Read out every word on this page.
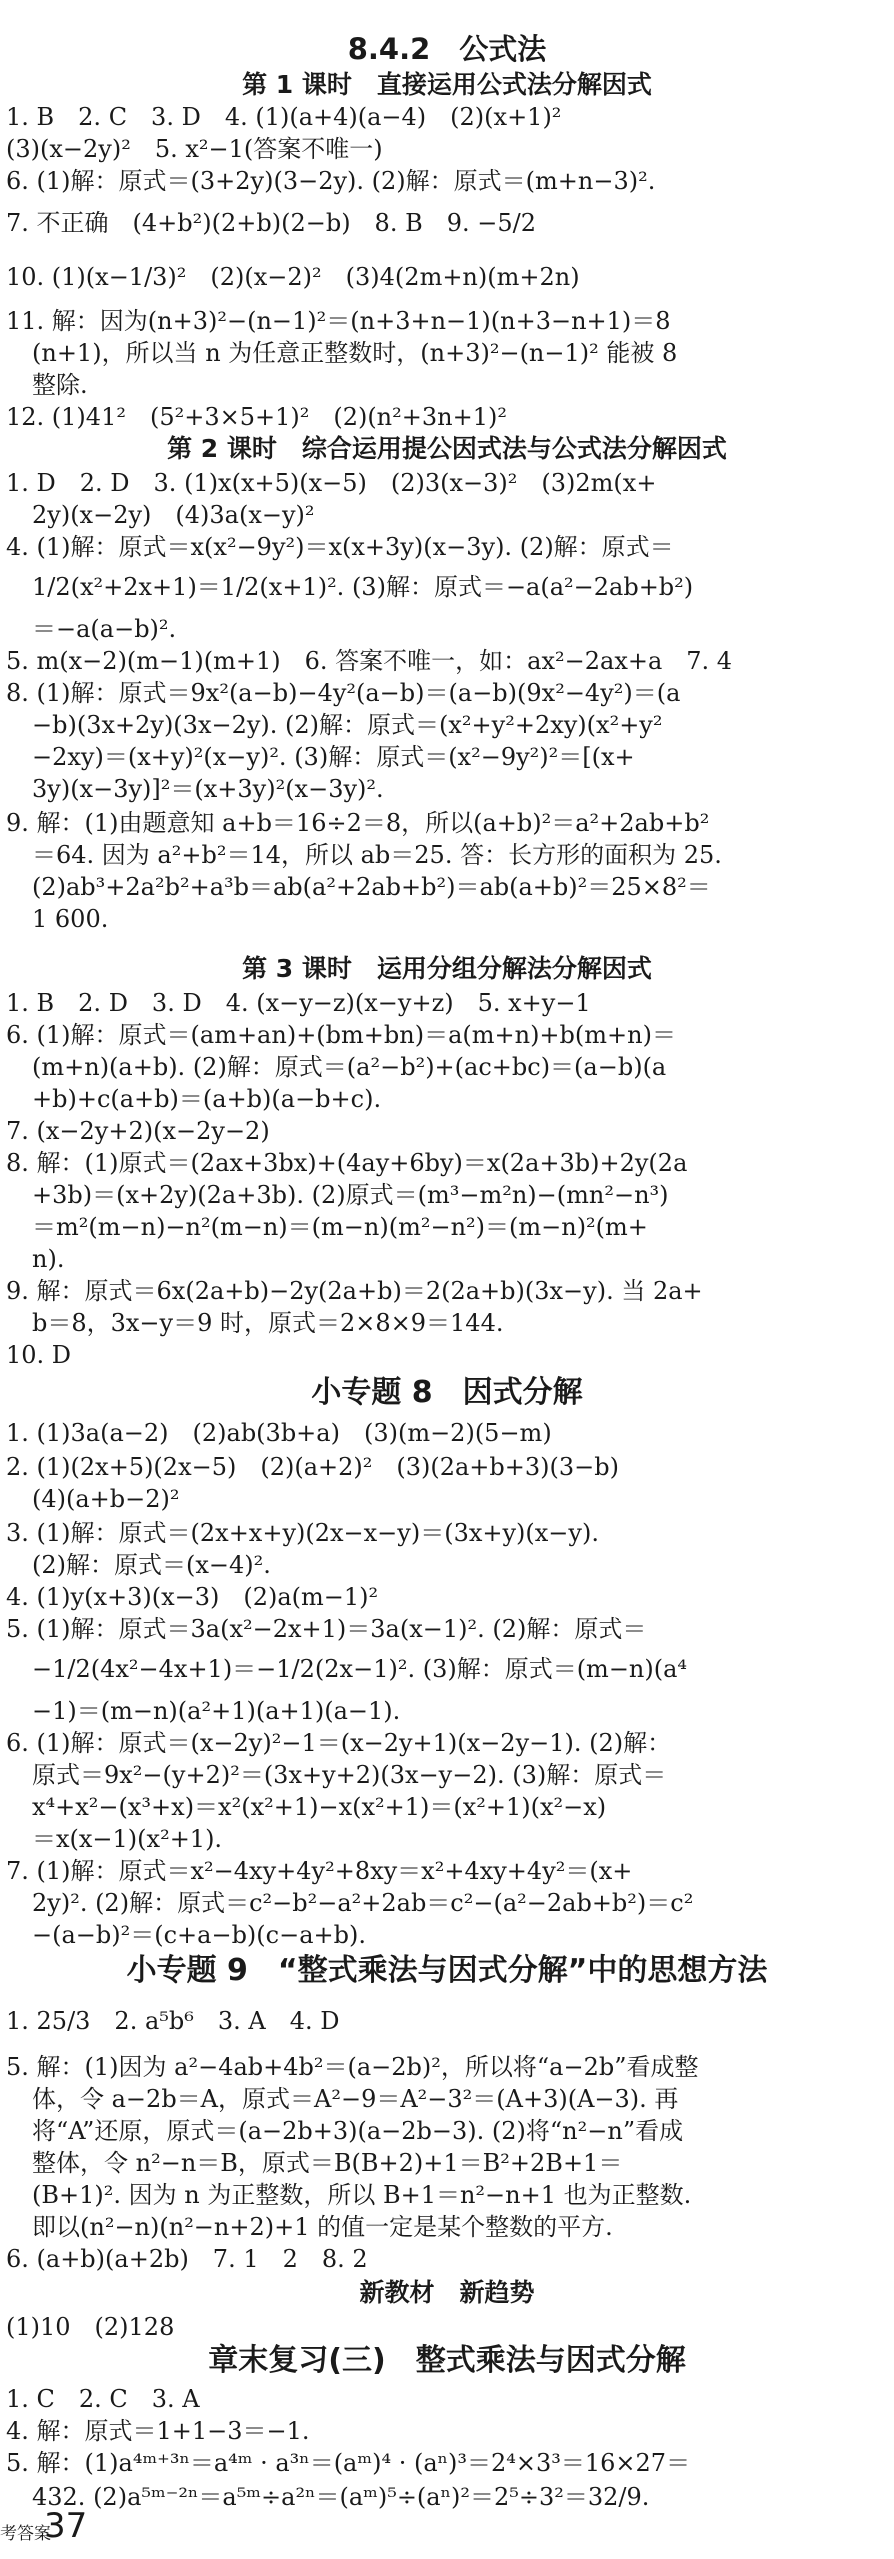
8.4.2　公式法
第 1 课时　直接运用公式法分解因式
1. B　2. C　3. D　4. (1)(a+4)(a−4)　(2)(x+1)²
(3)(x−2y)²　5. x²−1(答案不唯一)
6. (1)解：原式＝(3+2y)(3−2y). (2)解：原式＝(m+n−3)².
7. 不正确　(4+b²)(2+b)(2−b)　8. B　9. −5/2
10. (1)(x−1/3)²　(2)(x−2)²　(3)4(2m+n)(m+2n)
11. 解：因为(n+3)²−(n−1)²＝(n+3+n−1)(n+3−n+1)＝8
(n+1)，所以当 n 为任意正整数时，(n+3)²−(n−1)² 能被 8
整除.
12. (1)41²　(5²+3×5+1)²　(2)(n²+3n+1)²
第 2 课时　综合运用提公因式法与公式法分解因式
1. D　2. D　3. (1)x(x+5)(x−5)　(2)3(x−3)²　(3)2m(x+
2y)(x−2y)　(4)3a(x−y)²
4. (1)解：原式＝x(x²−9y²)＝x(x+3y)(x−3y). (2)解：原式＝
1/2(x²+2x+1)＝1/2(x+1)². (3)解：原式＝−a(a²−2ab+b²)
＝−a(a−b)².
5. m(x−2)(m−1)(m+1)　6. 答案不唯一，如：ax²−2ax+a　7. 4
8. (1)解：原式＝9x²(a−b)−4y²(a−b)＝(a−b)(9x²−4y²)＝(a
−b)(3x+2y)(3x−2y). (2)解：原式＝(x²+y²+2xy)(x²+y²
−2xy)＝(x+y)²(x−y)². (3)解：原式＝(x²−9y²)²＝[(x+
3y)(x−3y)]²＝(x+3y)²(x−3y)².
9. 解：(1)由题意知 a+b＝16÷2＝8，所以(a+b)²＝a²+2ab+b²
＝64. 因为 a²+b²＝14，所以 ab＝25. 答：长方形的面积为 25.
(2)ab³+2a²b²+a³b＝ab(a²+2ab+b²)＝ab(a+b)²＝25×8²＝
1 600.
第 3 课时　运用分组分解法分解因式
1. B　2. D　3. D　4. (x−y−z)(x−y+z)　5. x+y−1
6. (1)解：原式＝(am+an)+(bm+bn)＝a(m+n)+b(m+n)＝
(m+n)(a+b). (2)解：原式＝(a²−b²)+(ac+bc)＝(a−b)(a
+b)+c(a+b)＝(a+b)(a−b+c).
7. (x−2y+2)(x−2y−2)
8. 解：(1)原式＝(2ax+3bx)+(4ay+6by)＝x(2a+3b)+2y(2a
+3b)＝(x+2y)(2a+3b). (2)原式＝(m³−m²n)−(mn²−n³)
＝m²(m−n)−n²(m−n)＝(m−n)(m²−n²)＝(m−n)²(m+
n).
9. 解：原式＝6x(2a+b)−2y(2a+b)＝2(2a+b)(3x−y). 当 2a+
b＝8，3x−y＝9 时，原式＝2×8×9＝144.
10. D
小专题 8　因式分解
1. (1)3a(a−2)　(2)ab(3b+a)　(3)(m−2)(5−m)
2. (1)(2x+5)(2x−5)　(2)(a+2)²　(3)(2a+b+3)(3−b)
(4)(a+b−2)²
3. (1)解：原式＝(2x+x+y)(2x−x−y)＝(3x+y)(x−y).
(2)解：原式＝(x−4)².
4. (1)y(x+3)(x−3)　(2)a(m−1)²
5. (1)解：原式＝3a(x²−2x+1)＝3a(x−1)². (2)解：原式＝
−1/2(4x²−4x+1)＝−1/2(2x−1)². (3)解：原式＝(m−n)(a⁴
−1)＝(m−n)(a²+1)(a+1)(a−1).
6. (1)解：原式＝(x−2y)²−1＝(x−2y+1)(x−2y−1). (2)解：
原式＝9x²−(y+2)²＝(3x+y+2)(3x−y−2). (3)解：原式＝
x⁴+x²−(x³+x)＝x²(x²+1)−x(x²+1)＝(x²+1)(x²−x)
＝x(x−1)(x²+1).
7. (1)解：原式＝x²−4xy+4y²+8xy＝x²+4xy+4y²＝(x+
2y)². (2)解：原式＝c²−b²−a²+2ab＝c²−(a²−2ab+b²)＝c²
−(a−b)²＝(c+a−b)(c−a+b).
小专题 9　“整式乘法与因式分解”中的思想方法
1. 25/3　2. a⁵b⁶　3. A　4. D
5. 解：(1)因为 a²−4ab+4b²＝(a−2b)²，所以将“a−2b”看成整
体，令 a−2b＝A，原式＝A²−9＝A²−3²＝(A+3)(A−3). 再
将“A”还原，原式＝(a−2b+3)(a−2b−3). (2)将“n²−n”看成
整体，令 n²−n＝B，原式＝B(B+2)+1＝B²+2B+1＝
(B+1)². 因为 n 为正整数，所以 B+1＝n²−n+1 也为正整数.
即以(n²−n)(n²−n+2)+1 的值一定是某个整数的平方.
6. (a+b)(a+2b)　7. 1　2　8. 2
新教材　新趋势
(1)10　(2)128
章末复习(三)　整式乘法与因式分解
1. C　2. C　3. A
4. 解：原式＝1+1−3＝−1.
5. 解：(1)a⁴ᵐ⁺³ⁿ＝a⁴ᵐ · a³ⁿ＝(aᵐ)⁴ · (aⁿ)³＝2⁴×3³＝16×27＝
432. (2)a⁵ᵐ⁻²ⁿ＝a⁵ᵐ÷a²ⁿ＝(aᵐ)⁵÷(aⁿ)²＝2⁵÷3²＝32/9.
考答案
37
